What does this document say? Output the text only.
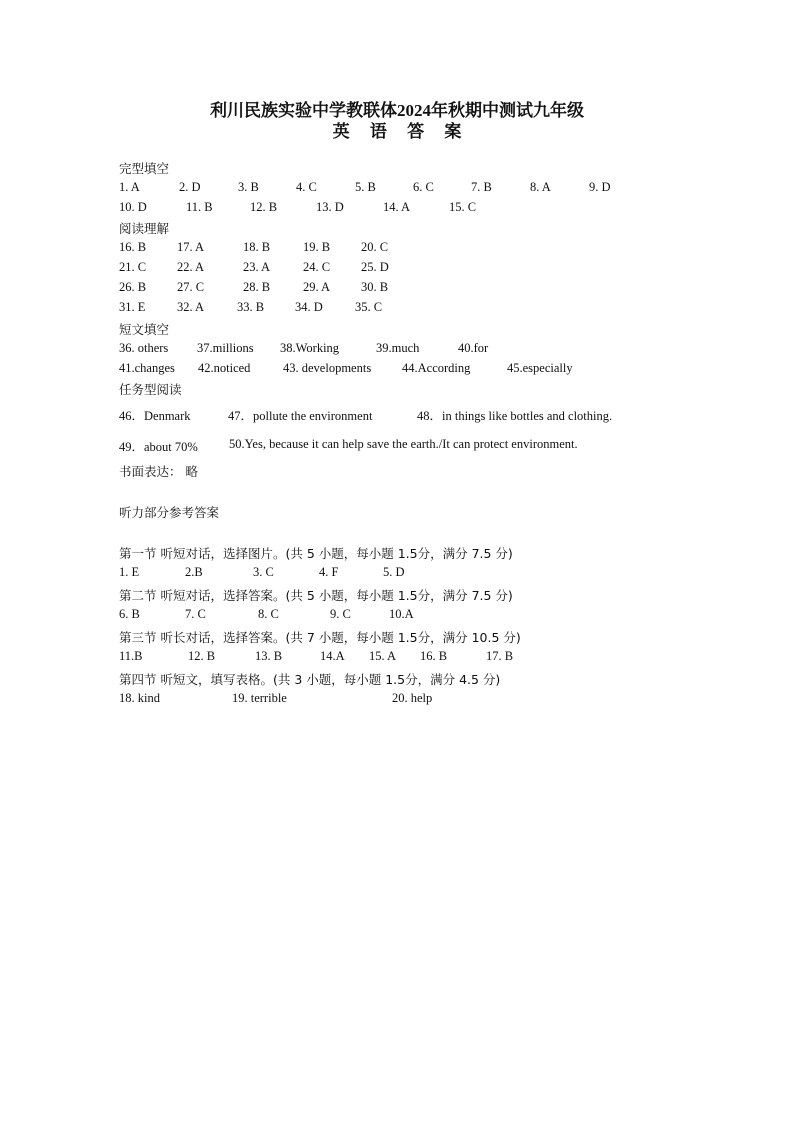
利川民族实验中学教联体2024年秋期中测试九年级
英 语 答 案
完型填空
1. A	2. D	3. B	4. C	5. B	6. C	7. B	8. A	9. D
10. D	11. B	12. B	13. D	14. A	15. C
阅读理解
16. B 17. A	18. B	19. B 20. C
21. C 22. A	23. A	24. C 25. D
26. B 27. C	28. B	29. A 30. B
31. E	32. A	33. B 34. D	35. C
短文填空
36. others 37.millions 38.Working	39.much	40.for
41.changes 42.noticed	43. developments 44.According	45.especially
任务型阅读
46．Denmark	47．pollute the environment	48．in things like bottles and clothing.
49．about 70% 50.Yes, because it can help save the earth./It can protect environment.
书面表达： 略
听力部分参考答案
第一节 听短对话，选择图片。(共 5 小题，每小题 1.5分，满分 7.5 分)
1. E	2.B	3. C	4. F	5. D
第二节 听短对话，选择答案。(共 5 小题，每小题 1.5分，满分 7.5 分)
6. B	7. C	8. C	9. C	10.A
第三节 听长对话，选择答案。(共 7 小题，每小题 1.5分，满分 10.5 分)
11.B	12. B	13. B	14.A 15. A 16. B	17. B
第四节 听短文，填写表格。(共 3 小题，每小题 1.5分，满分 4.5 分)
18. kind	19. terrible	20. help
